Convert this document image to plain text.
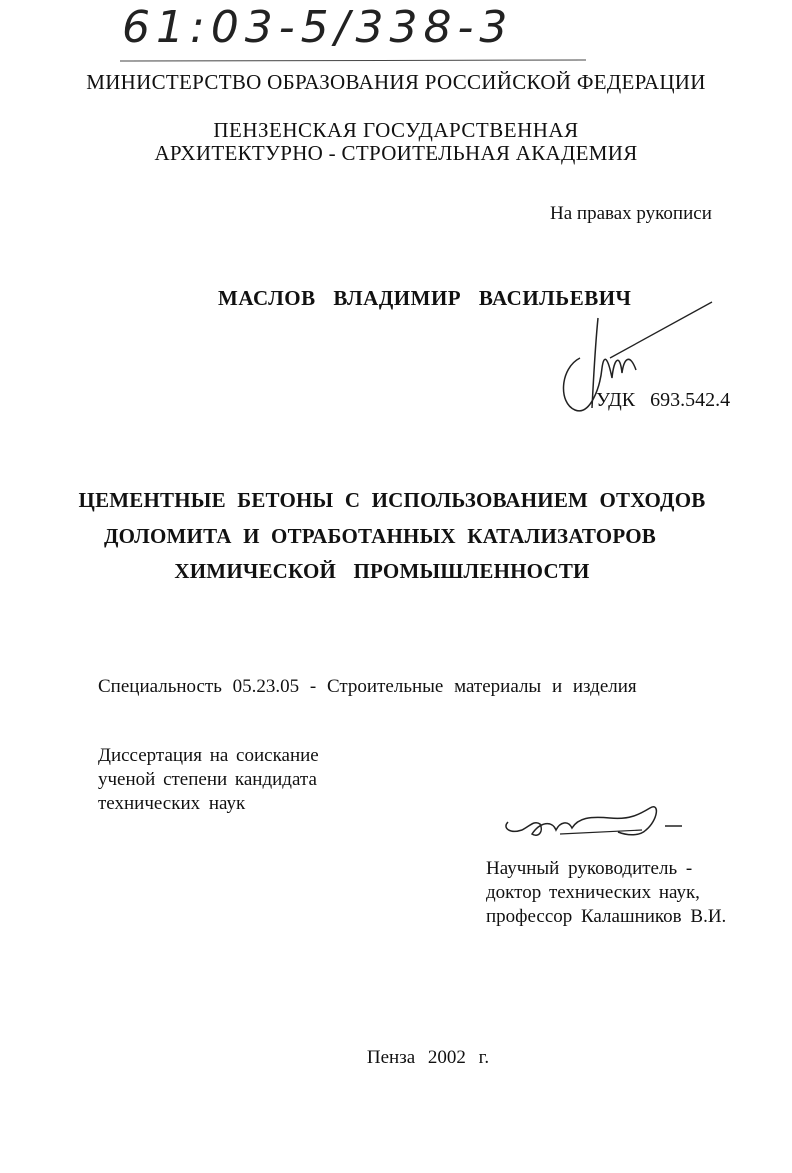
61:03-5/338-3
МИНИСТЕРСТВО ОБРАЗОВАНИЯ РОССИЙСКОЙ ФЕДЕРАЦИИ
ПЕНЗЕНСКАЯ ГОСУДАРСТВЕННАЯ
АРХИТЕКТУРНО - СТРОИТЕЛЬНАЯ АКАДЕМИЯ
На правах рукописи
МАСЛОВ ВЛАДИМИР ВАСИЛЬЕВИЧ
УДК 693.542.4
ЦЕМЕНТНЫЕ БЕТОНЫ С ИСПОЛЬЗОВАНИЕМ ОТХОДОВ
ДОЛОМИТА И ОТРАБОТАННЫХ КАТАЛИЗАТОРОВ
ХИМИЧЕСКОЙ ПРОМЫШЛЕННОСТИ
Специальность 05.23.05 - Строительные материалы и изделия
Диссертация на соискание
ученой степени кандидата
технических наук
Научный руководитель -
доктор технических наук,
профессор Калашников В.И.
Пенза 2002 г.
